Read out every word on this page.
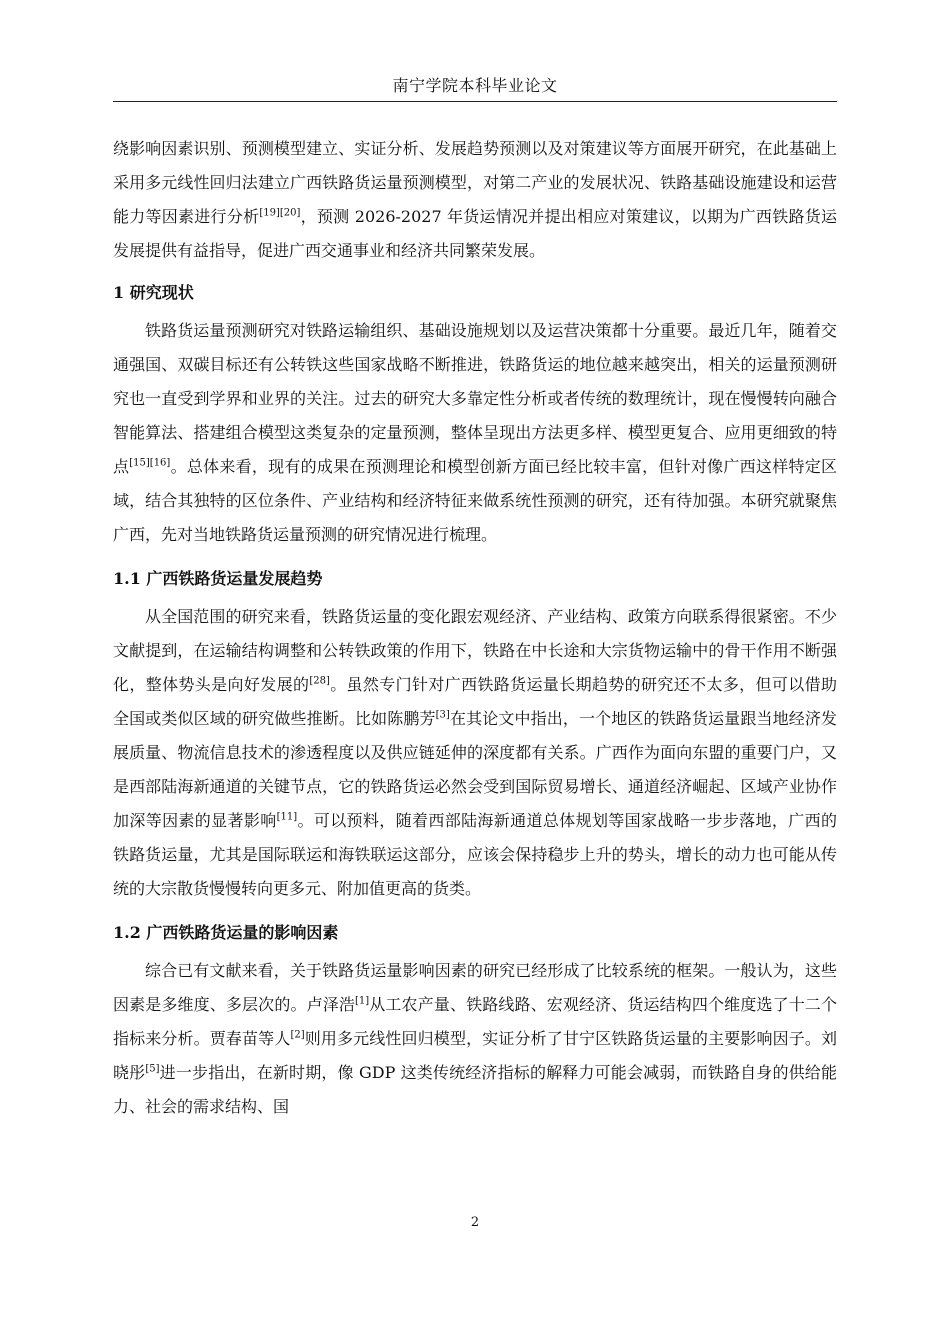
南宁学院本科毕业论文

绕影响因素识别、预测模型建立、实证分析、发展趋势预测以及对策建议等方面展开研究，在此基础上采用多元线性回归法建立广西铁路货运量预测模型，对第二产业的发展状况、铁路基础设施建设和运营能力等因素进行分析[19][20]，预测 2026-2027 年货运情况并提出相应对策建议，以期为广西铁路货运发展提供有益指导，促进广西交通事业和经济共同繁荣发展。

1 研究现状

铁路货运量预测研究对铁路运输组织、基础设施规划以及运营决策都十分重要。最近几年，随着交通强国、双碳目标还有公转铁这些国家战略不断推进，铁路货运的地位越来越突出，相关的运量预测研究也一直受到学界和业界的关注。过去的研究大多靠定性分析或者传统的数理统计，现在慢慢转向融合智能算法、搭建组合模型这类复杂的定量预测，整体呈现出方法更多样、模型更复合、应用更细致的特点[15][16]。总体来看，现有的成果在预测理论和模型创新方面已经比较丰富，但针对像广西这样特定区域，结合其独特的区位条件、产业结构和经济特征来做系统性预测的研究，还有待加强。本研究就聚焦广西，先对当地铁路货运量预测的研究情况进行梳理。

1.1 广西铁路货运量发展趋势

从全国范围的研究来看，铁路货运量的变化跟宏观经济、产业结构、政策方向联系得很紧密。不少文献提到，在运输结构调整和公转铁政策的作用下，铁路在中长途和大宗货物运输中的骨干作用不断强化，整体势头是向好发展的[28]。虽然专门针对广西铁路货运量长期趋势的研究还不太多，但可以借助全国或类似区域的研究做些推断。比如陈鹏芳[3]在其论文中指出，一个地区的铁路货运量跟当地经济发展质量、物流信息技术的渗透程度以及供应链延伸的深度都有关系。广西作为面向东盟的重要门户，又是西部陆海新通道的关键节点，它的铁路货运必然会受到国际贸易增长、通道经济崛起、区域产业协作加深等因素的显著影响[11]。可以预料，随着西部陆海新通道总体规划等国家战略一步步落地，广西的铁路货运量，尤其是国际联运和海铁联运这部分，应该会保持稳步上升的势头，增长的动力也可能从传统的大宗散货慢慢转向更多元、附加值更高的货类。

1.2 广西铁路货运量的影响因素

综合已有文献来看，关于铁路货运量影响因素的研究已经形成了比较系统的框架。一般认为，这些因素是多维度、多层次的。卢泽浩[1]从工农产量、铁路线路、宏观经济、货运结构四个维度选了十二个指标来分析。贾春苗等人[2]则用多元线性回归模型，实证分析了甘宁区铁路货运量的主要影响因子。刘晓彤[5]进一步指出，在新时期，像 GDP 这类传统经济指标的解释力可能会减弱，而铁路自身的供给能力、社会的需求结构、国

2
